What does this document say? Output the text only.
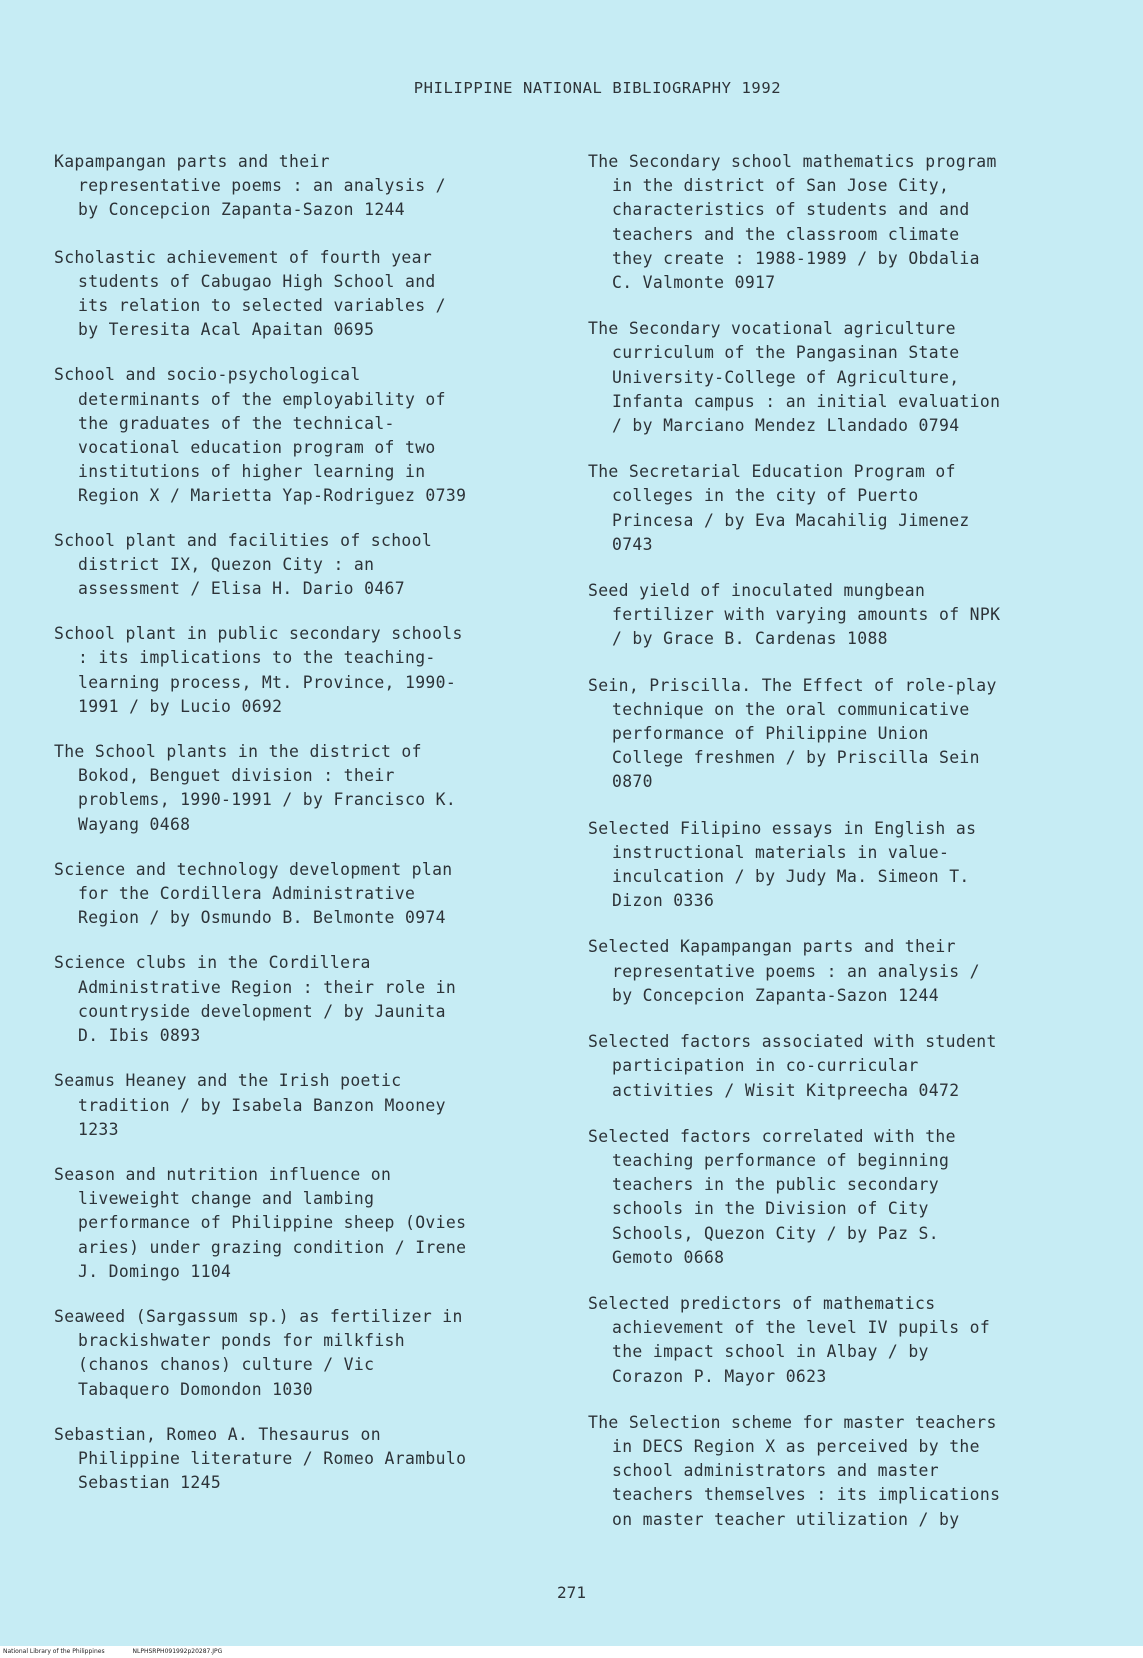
PHILIPPINE NATIONAL BIBLIOGRAPHY 1992
Kapampangan parts and their
representative poems : an analysis /
by Concepcion Zapanta-Sazon 1244
Scholastic achievement of fourth year
students of Cabugao High School and
its relation to selected variables /
by Teresita Acal Apaitan 0695
School and socio-psychological
determinants of the employability of
the graduates of the technical-
vocational education program of two
institutions of higher learning in
Region X / Marietta Yap-Rodriguez 0739
School plant and facilities of school
district IX, Quezon City : an
assessment / Elisa H. Dario 0467
School plant in public secondary schools
: its implications to the teaching-
learning process, Mt. Province, 1990-
1991 / by Lucio 0692
The School plants in the district of
Bokod, Benguet division : their
problems, 1990-1991 / by Francisco K.
Wayang 0468
Science and technology development plan
for the Cordillera Administrative
Region / by Osmundo B. Belmonte 0974
Science clubs in the Cordillera
Administrative Region : their role in
countryside development / by Jaunita
D. Ibis 0893
Seamus Heaney and the Irish poetic
tradition / by Isabela Banzon Mooney
1233
Season and nutrition influence on
liveweight change and lambing
performance of Philippine sheep (Ovies
aries) under grazing condition / Irene
J. Domingo 1104
Seaweed (Sargassum sp.) as fertilizer in
brackishwater ponds for milkfish
(chanos chanos) culture / Vic
Tabaquero Domondon 1030
Sebastian, Romeo A. Thesaurus on
Philippine literature / Romeo Arambulo
Sebastian 1245
The Secondary school mathematics program
in the district of San Jose City,
characteristics of students and and
teachers and the classroom climate
they create : 1988-1989 / by Obdalia
C. Valmonte 0917
The Secondary vocational agriculture
curriculum of the Pangasinan State
University-College of Agriculture,
Infanta campus : an initial evaluation
/ by Marciano Mendez Llandado 0794
The Secretarial Education Program of
colleges in the city of Puerto
Princesa / by Eva Macahilig Jimenez
0743
Seed yield of inoculated mungbean
fertilizer with varying amounts of NPK
/ by Grace B. Cardenas 1088
Sein, Priscilla. The Effect of role-play
technique on the oral communicative
performance of Philippine Union
College freshmen / by Priscilla Sein
0870
Selected Filipino essays in English as
instructional materials in value-
inculcation / by Judy Ma. Simeon T.
Dizon 0336
Selected Kapampangan parts and their
representative poems : an analysis /
by Concepcion Zapanta-Sazon 1244
Selected factors associated with student
participation in co-curricular
activities / Wisit Kitpreecha 0472
Selected factors correlated with the
teaching performance of beginning
teachers in the public secondary
schools in the Division of City
Schools, Quezon City / by Paz S.
Gemoto 0668
Selected predictors of mathematics
achievement of the level IV pupils of
the impact school in Albay / by
Corazon P. Mayor 0623
The Selection scheme for master teachers
in DECS Region X as perceived by the
school administrators and master
teachers themselves : its implications
on master teacher utilization / by
271
National Library of the Philippines	NLPHSRPH091992p20287.JPG
